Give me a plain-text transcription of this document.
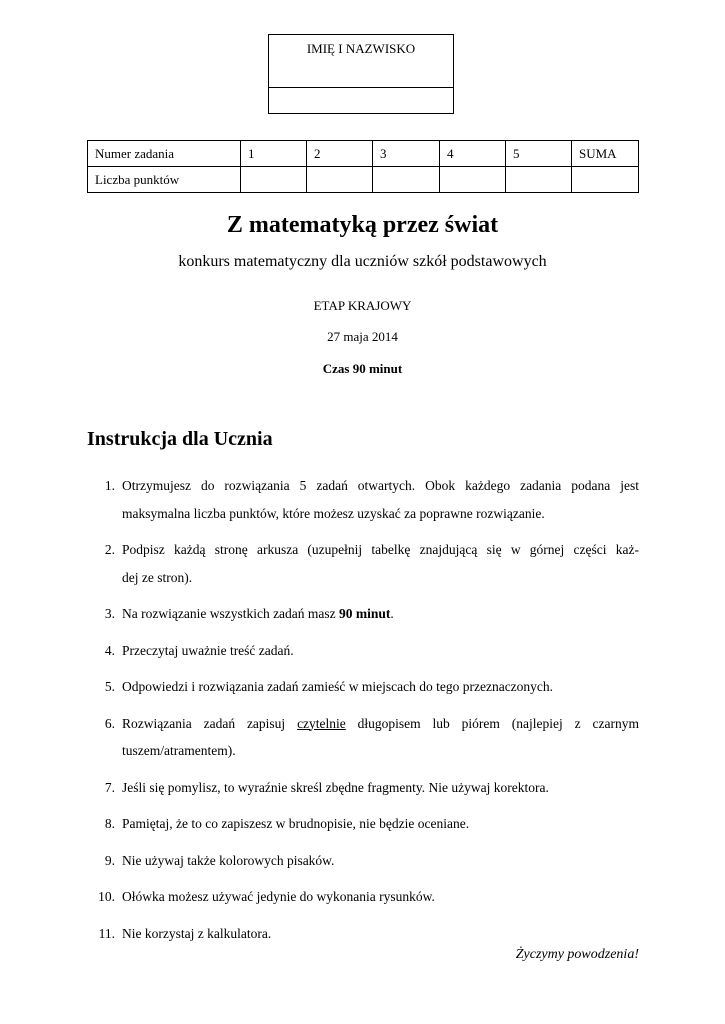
IMIĘ I NAZWISKO
Numer zadania	1	2	3	4	5	SUMA
Liczba punktów						
Z matematyką przez świat
konkurs matematyczny dla uczniów szkół podstawowych
ETAP KRAJOWY
27 maja 2014
Czas 90 minut
Instrukcja dla Ucznia
1. Otrzymujesz do rozwiązania 5 zadań otwartych. Obok każdego zadania podana jest
maksymalna liczba punktów, które możesz uzyskać za poprawne rozwiązanie.
2. Podpisz każdą stronę arkusza (uzupełnij tabelkę znajdującą się w górnej części każ-
dej ze stron).
3. Na rozwiązanie wszystkich zadań masz 90 minut.
4. Przeczytaj uważnie treść zadań.
5. Odpowiedzi i rozwiązania zadań zamieść w miejscach do tego przeznaczonych.
6. Rozwiązania zadań zapisuj czytelnie długopisem lub piórem (najlepiej z czarnym
tuszem/atramentem).
7. Jeśli się pomylisz, to wyraźnie skreśl zbędne fragmenty. Nie używaj korektora.
8. Pamiętaj, że to co zapiszesz w brudnopisie, nie będzie oceniane.
9. Nie używaj także kolorowych pisaków.
10. Ołówka możesz używać jedynie do wykonania rysunków.
11. Nie korzystaj z kalkulatora.
Życzymy powodzenia!
